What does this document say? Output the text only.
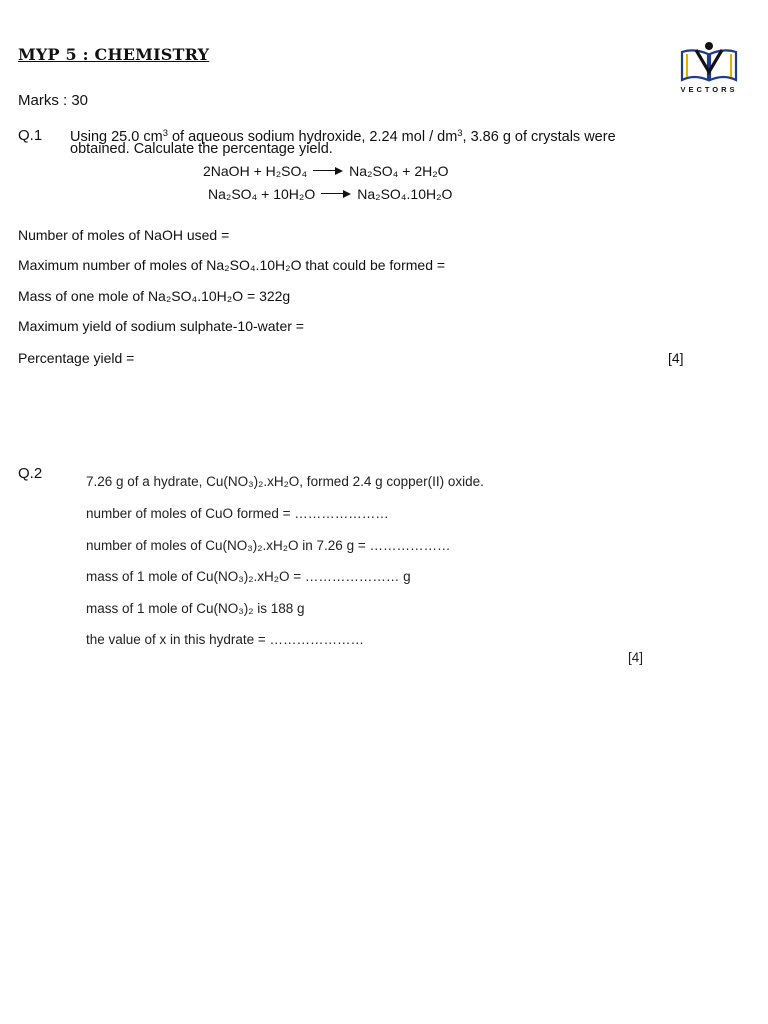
MYP 5 : CHEMISTRY
VECTORS
Marks : 30
Q.1 Using 25.0 $cm^3$ of aqueous sodium hydroxide, 2.24 mol / $dm^3$, 3.86 g of crystals were
obtained. Calculate the percentage yield.
2NaOH + H₂SO₄	Na₂SO₄ + 2H₂O
Na₂SO₄ + 10H₂O	Na₂SO₄.10H₂O
Number of moles of NaOH used =
Maximum number of moles of Na₂SO₄.10H₂O that could be formed =
Mass of one mole of Na₂SO₄.10H₂O = 322g
Maximum yield of sodium sulphate-10-water =
Percentage yield =	[4]
Q.2	7.26 g of a hydrate, Cu(NO₃)₂.xH₂O, formed 2.4 g copper(II) oxide.
number of moles of CuO formed = …………………
number of moles of Cu(NO₃)₂.xH₂O in 7.26 g = ………………
mass of 1 mole of Cu(NO₃)₂.xH₂O = ………………… g
mass of 1 mole of Cu(NO₃)₂ is 188 g
the value of x in this hydrate = …………………
[4]
